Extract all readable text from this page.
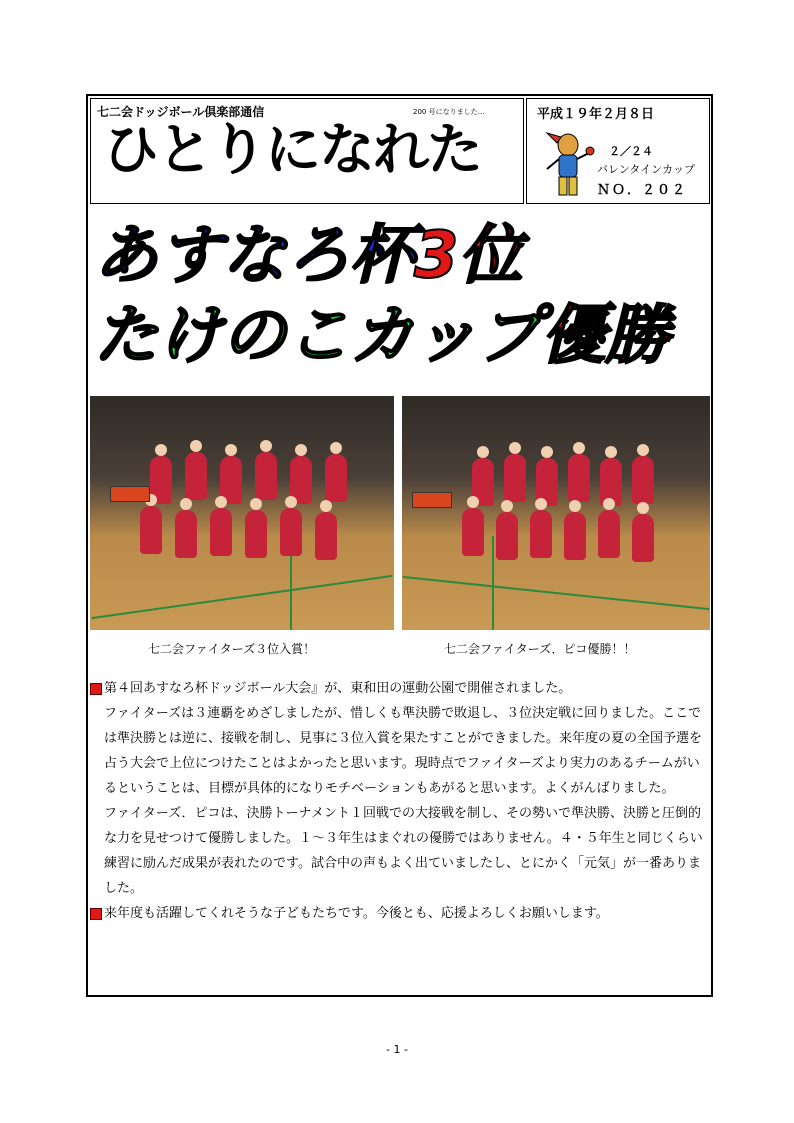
七二会ドッジボール倶楽部通信	200 号になりました…
ひとりになれた
平成１９年２月８日
２／２４
バレンタインカップ
ＮＯ．２０２
あすなろ杯3位
たけのこカップ優勝
七二会ファイターズ３位入賞！	七二会ファイターズ．ピコ優勝！！

第４回あすなろ杯ドッジボール大会』が、東和田の運動公園で開催されました。

ファイターズは３連覇をめざしましたが、惜しくも準決勝で敗退し、３位決定戦に回りました。ここでは準決勝とは逆に、接戦を制し、見事に３位入賞を果たすことができました。来年度の夏の全国予選を占う大会で上位につけたことはよかったと思います。現時点でファイターズより実力のあるチームがいるということは、目標が具体的になりモチベーションもあがると思います。よくがんばりました。

ファイターズ．ピコは、決勝トーナメント１回戦での大接戦を制し、その勢いで準決勝、決勝と圧倒的な力を見せつけて優勝しました。１～３年生はまぐれの優勝ではありません。４・５年生と同じくらい練習に励んだ成果が表れたのです。試合中の声もよく出ていましたし、とにかく「元気」が一番ありました。

来年度も活躍してくれそうな子どもたちです。今後とも、応援よろしくお願いします。

- 1 -
